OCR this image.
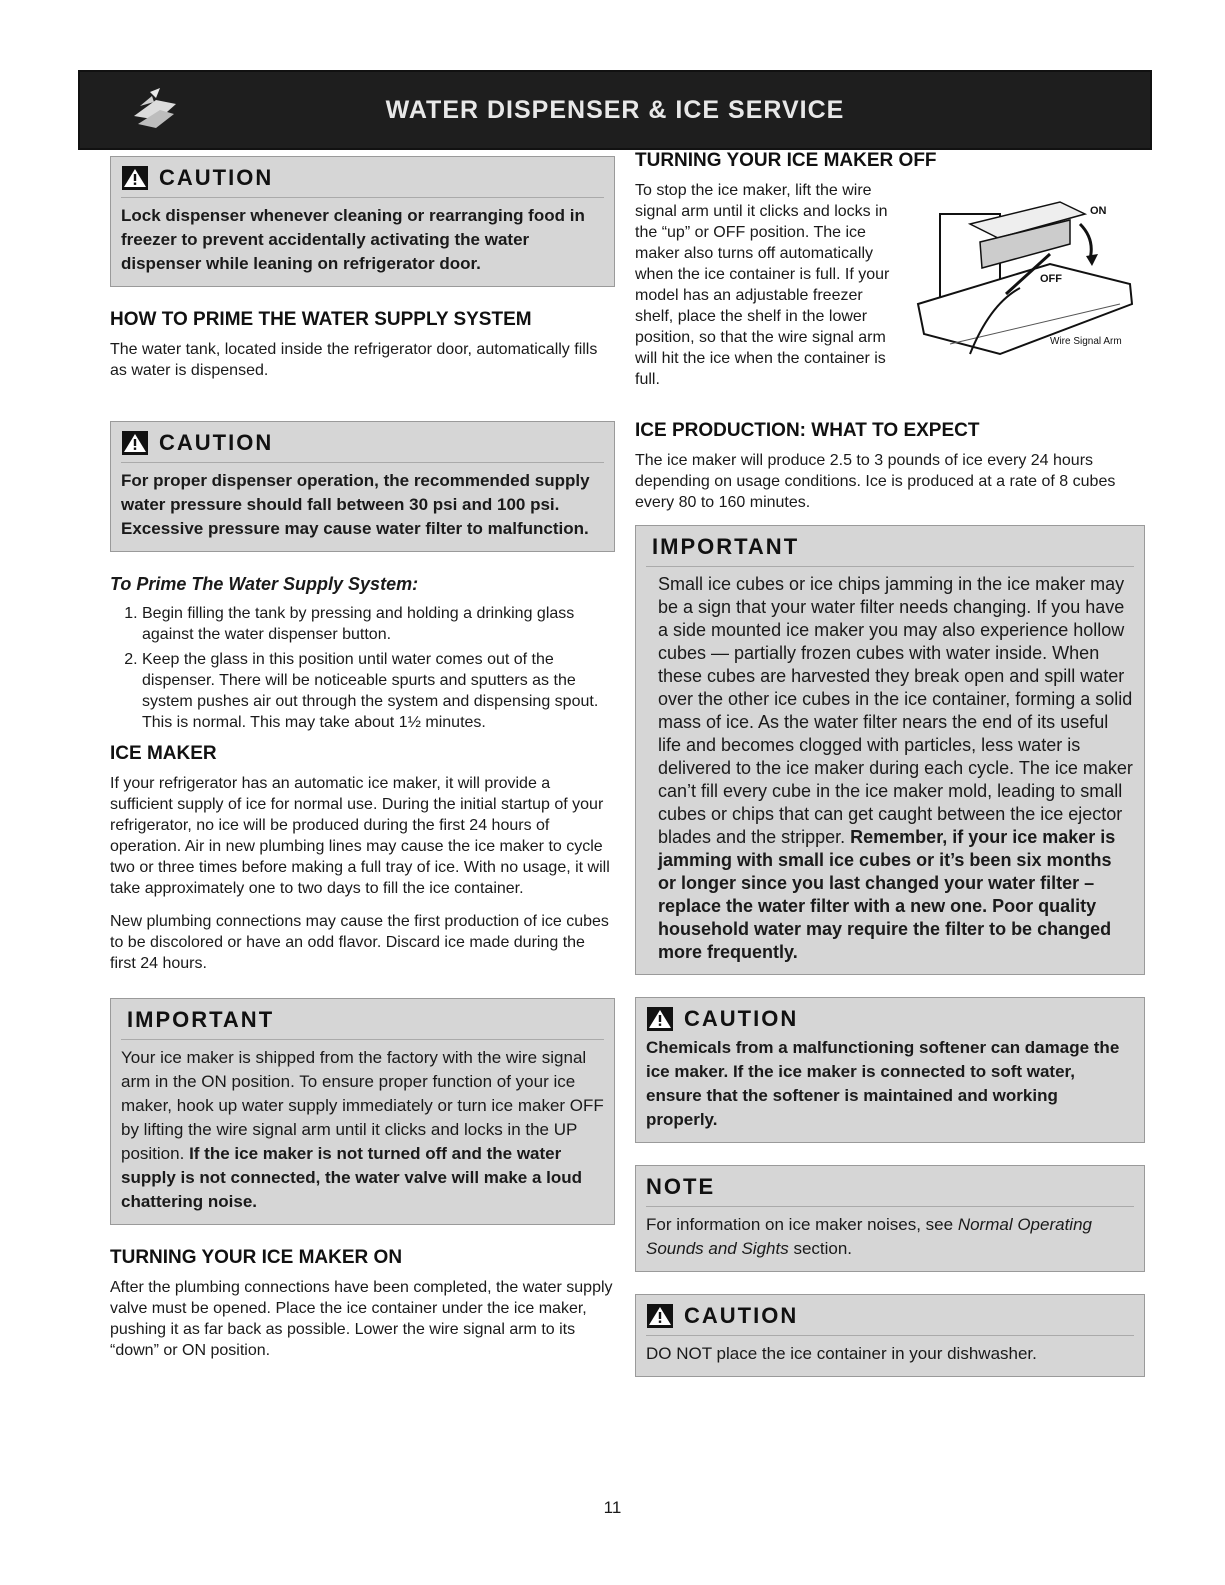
WATER DISPENSER & ICE SERVICE
CAUTION
Lock dispenser whenever cleaning or rearranging food in freezer to prevent accidentally activating the water dispenser while leaning on refrigerator door.
HOW TO PRIME THE WATER SUPPLY SYSTEM

The water tank, located inside the refrigerator door, automatically fills as water is dispensed.

CAUTION
For proper dispenser operation, the recommended supply water pressure should fall between 30 psi and 100 psi. Excessive pressure may cause water filter to malfunction.
To Prime The Water Supply System:
1. Begin filling the tank by pressing and holding a drinking glass against the water dispenser button.
2. Keep the glass in this position until water comes out of the dispenser. There will be noticeable spurts and sputters as the system pushes air out through the system and dispensing spout. This is normal. This may take about 1½ minutes.
ICE MAKER

If your refrigerator has an automatic ice maker, it will provide a sufficient supply of ice for normal use. During the initial startup of your refrigerator, no ice will be produced during the first 24 hours of operation. Air in new plumbing lines may cause the ice maker to cycle two or three times before making a full tray of ice. With no usage, it will take approximately one to two days to fill the ice container.

New plumbing connections may cause the first production of ice cubes to be discolored or have an odd flavor. Discard ice made during the first 24 hours.

IMPORTANT
Your ice maker is shipped from the factory with the wire signal arm in the ON position. To ensure proper function of your ice maker, hook up water supply immediately or turn ice maker OFF by lifting the wire signal arm until it clicks and locks in the UP position. If the ice maker is not turned off and the water supply is not connected, the water valve will make a loud chattering noise.
TURNING YOUR ICE MAKER ON

After the plumbing connections have been completed, the water supply valve must be opened. Place the ice container under the ice maker, pushing it as far back as possible. Lower the wire signal arm to its “down” or ON position.

TURNING YOUR ICE MAKER OFF
To stop the ice maker, lift the wire signal arm until it clicks and locks in the “up” or OFF position. The ice maker also turns off automatically when the ice container is full. If your model has an adjustable freezer shelf, place the shelf in the lower position, so that the wire signal arm will hit the ice when the container is full.
ON
OFF
Wire Signal Arm
ICE PRODUCTION: WHAT TO EXPECT

The ice maker will produce 2.5 to 3 pounds of ice every 24 hours depending on usage conditions. Ice is produced at a rate of 8 cubes every 80 to 160 minutes.

IMPORTANT
Small ice cubes or ice chips jamming in the ice maker may be a sign that your water filter needs changing. If you have a side mounted ice maker you may also experience hollow cubes — partially frozen cubes with water inside. When these cubes are harvested they break open and spill water over the other ice cubes in the ice container, forming a solid mass of ice. As the water filter nears the end of its useful life and becomes clogged with particles, less water is delivered to the ice maker during each cycle. The ice maker can’t fill every cube in the ice maker mold, leading to small cubes or chips that can get caught between the ice ejector blades and the stripper. Remember, if your ice maker is jamming with small ice cubes or it’s been six months or longer since you last changed your water filter – replace the water filter with a new one. Poor quality household water may require the filter to be changed more frequently.
CAUTION
Chemicals from a malfunctioning softener can damage the ice maker. If the ice maker is connected to soft water, ensure that the softener is maintained and working properly.
NOTE
For information on ice maker noises, see Normal Operating Sounds and Sights section.
CAUTION
DO NOT place the ice container in your dishwasher.
11
